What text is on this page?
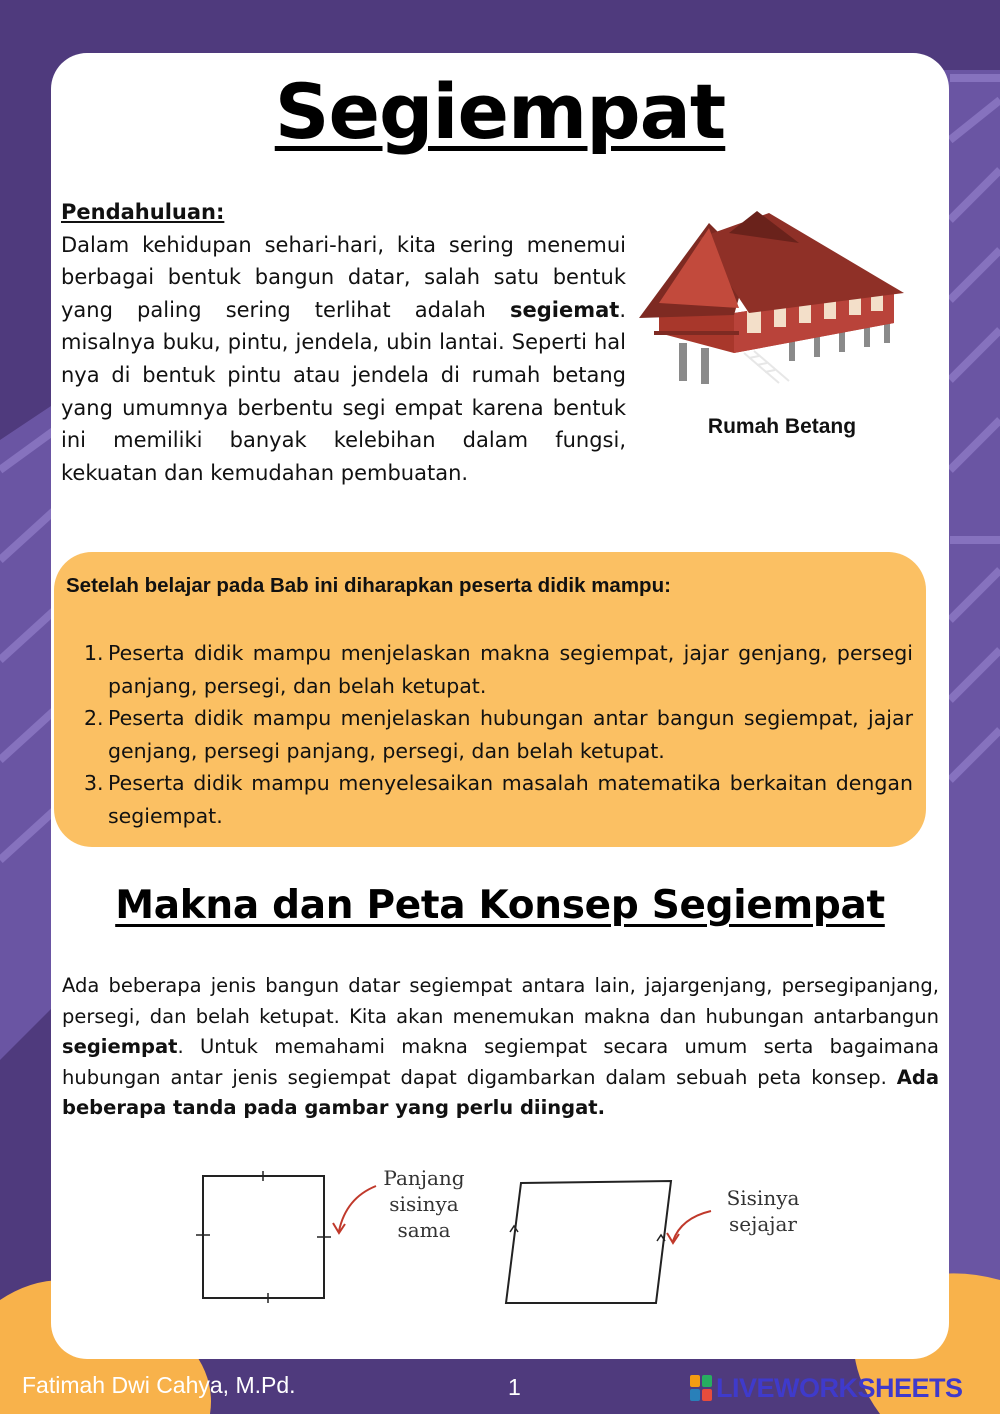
Segiempat
Pendahuluan:
Dalam kehidupan sehari-hari, kita sering menemui berbagai bentuk bangun datar, salah satu bentuk yang paling sering terlihat adalah segiemat. misalnya buku, pintu, jendela, ubin lantai. Seperti hal nya di bentuk pintu atau jendela di rumah betang yang umumnya berbentu segi empat karena bentuk ini memiliki banyak kelebihan dalam fungsi, kekuatan dan kemudahan pembuatan.
Rumah Betang
Setelah belajar pada Bab ini diharapkan peserta didik mampu:
1. Peserta didik mampu menjelaskan makna segiempat, jajar genjang, persegi panjang, persegi, dan belah ketupat.
2. Peserta didik mampu menjelaskan hubungan antar bangun segiempat, jajar genjang, persegi panjang, persegi, dan belah ketupat.
3. Peserta didik mampu menyelesaikan masalah matematika berkaitan dengan segiempat.
Makna dan Peta Konsep Segiempat
Ada beberapa jenis bangun datar segiempat antara lain, jajargenjang, persegipanjang, persegi, dan belah ketupat. Kita akan menemukan makna dan hubungan antarbangun segiempat. Untuk memahami makna segiempat secara umum serta bagaimana hubungan antar jenis segiempat dapat digambarkan dalam sebuah peta konsep. Ada beberapa tanda pada gambar yang perlu diingat.
Panjang
sisinya
sama
Sisinya
sejajar
Fatimah Dwi Cahya, M.Pd.	1	LIVEWORKSHEETS
